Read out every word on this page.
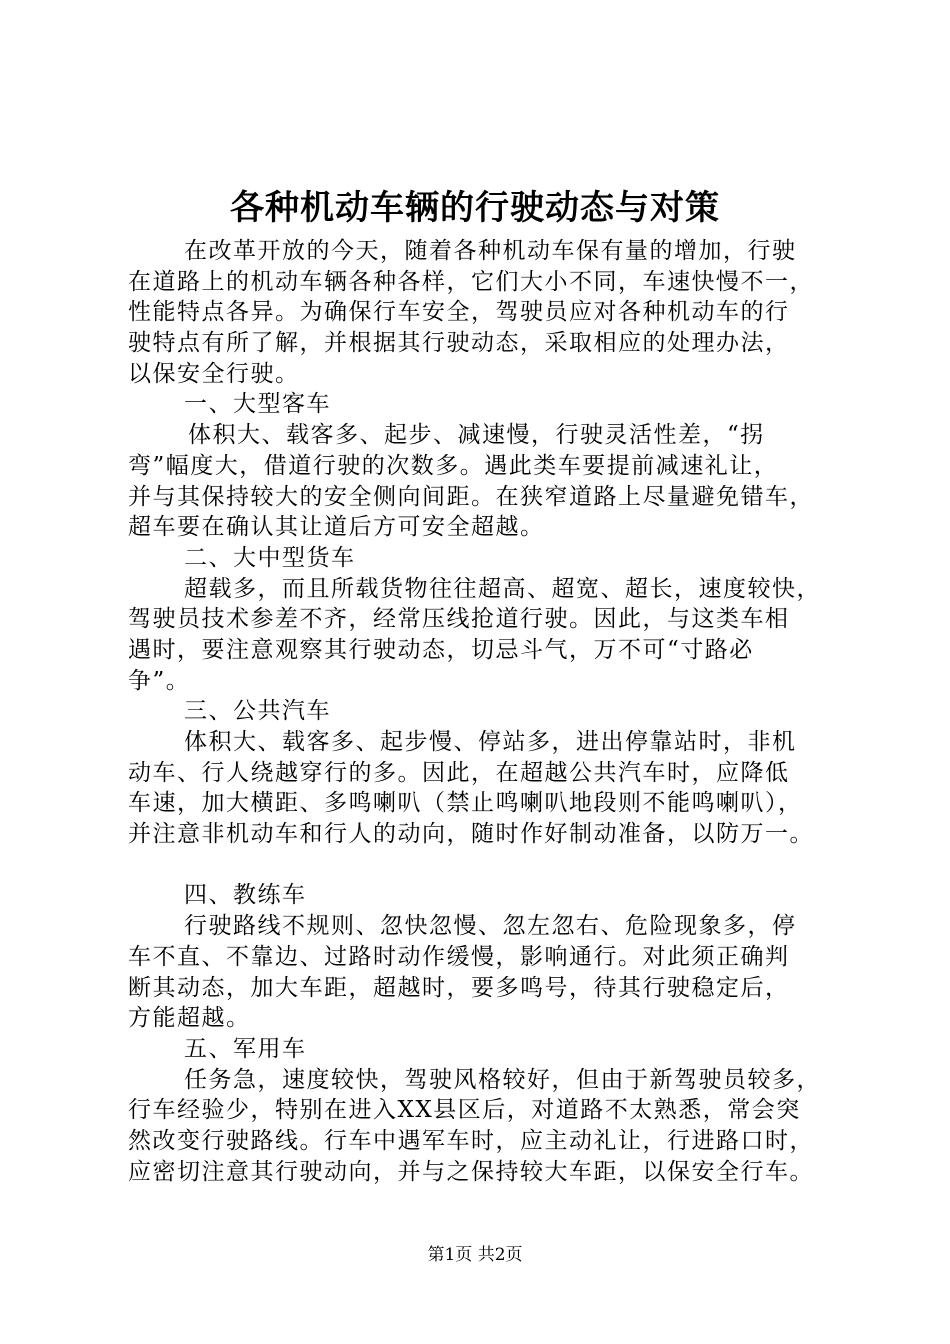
各种机动车辆的行驶动态与对策
在改革开放的今天，随着各种机动车保有量的增加，行驶
在道路上的机动车辆各种各样，它们大小不同，车速快慢不一，
性能特点各异。为确保行车安全，驾驶员应对各种机动车的行
驶特点有所了解，并根据其行驶动态，采取相应的处理办法，
以保安全行驶。
一、大型客车
体积大、载客多、起步、减速慢，行驶灵活性差，“拐
弯”幅度大，借道行驶的次数多。遇此类车要提前减速礼让，
并与其保持较大的安全侧向间距。在狭窄道路上尽量避免错车，
超车要在确认其让道后方可安全超越。
二、大中型货车
超载多，而且所载货物往往超高、超宽、超长，速度较快，
驾驶员技术参差不齐，经常压线抢道行驶。因此，与这类车相
遇时，要注意观察其行驶动态，切忌斗气，万不可“寸路必
争”。
三、公共汽车
体积大、载客多、起步慢、停站多，进出停靠站时，非机
动车、行人绕越穿行的多。因此，在超越公共汽车时，应降低
车速，加大横距、多鸣喇叭（禁止鸣喇叭地段则不能鸣喇叭），
并注意非机动车和行人的动向，随时作好制动准备，以防万一。
四、教练车
行驶路线不规则、忽快忽慢、忽左忽右、危险现象多，停
车不直、不靠边、过路时动作缓慢，影响通行。对此须正确判
断其动态，加大车距，超越时，要多鸣号，待其行驶稳定后，
方能超越。
五、军用车
任务急，速度较快，驾驶风格较好，但由于新驾驶员较多，
行车经验少，特别在进入XX县区后，对道路不太熟悉，常会突
然改变行驶路线。行车中遇军车时，应主动礼让，行进路口时，
应密切注意其行驶动向，并与之保持较大车距，以保安全行车。
第1页 共2页
